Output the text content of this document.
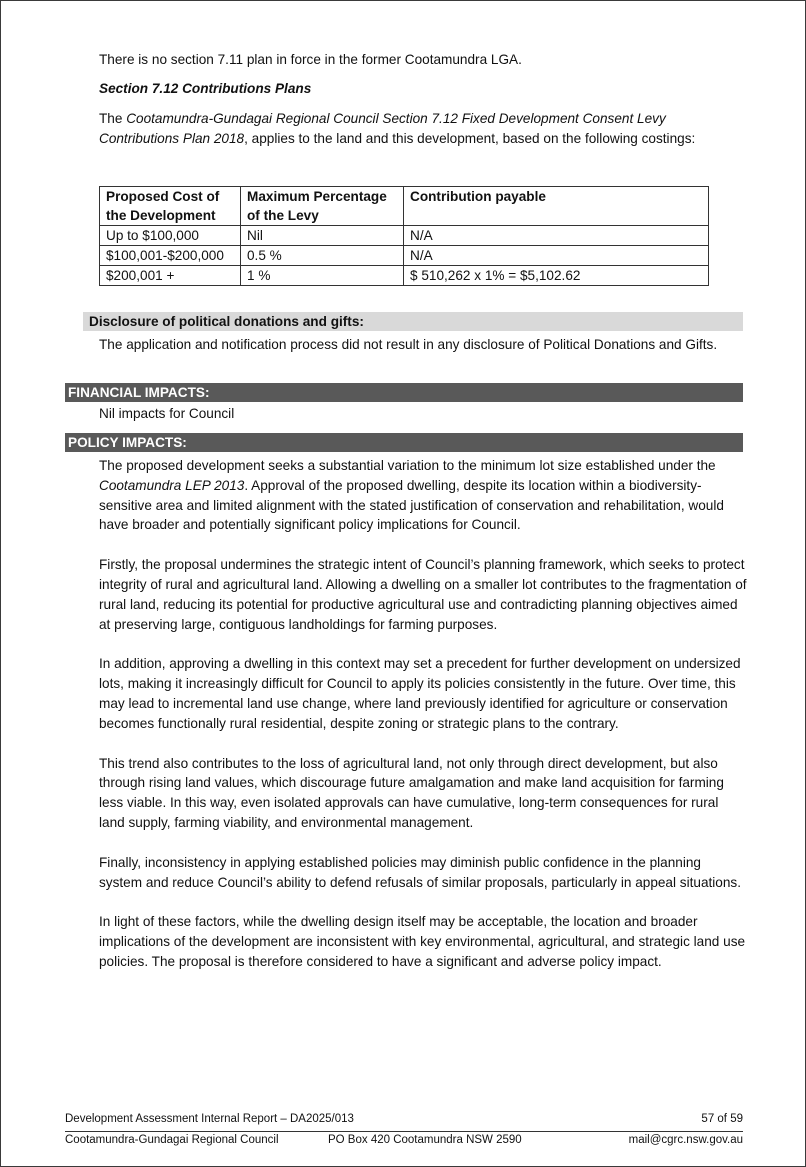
There is no section 7.11 plan in force in the former Cootamundra LGA.

Section 7.12 Contributions Plans

The Cootamundra-Gundagai Regional Council Section 7.12 Fixed Development Consent Levy Contributions Plan 2018, applies to the land and this development, based on the following costings:

Proposed Cost of the Development	Maximum Percentage of the Levy	Contribution payable
Up to $100,000	Nil	N/A
$100,001-$200,000	0.5 %	N/A
$200,001 +	1 %	$ 510,262 x 1% = $5,102.62
Disclosure of political donations and gifts:

The application and notification process did not result in any disclosure of Political Donations and Gifts.

FINANCIAL IMPACTS:

Nil impacts for Council

POLICY IMPACTS:

The proposed development seeks a substantial variation to the minimum lot size established under the Cootamundra LEP 2013. Approval of the proposed dwelling, despite its location within a biodiversity-sensitive area and limited alignment with the stated justification of conservation and rehabilitation, would have broader and potentially significant policy implications for Council.

Firstly, the proposal undermines the strategic intent of Council’s planning framework, which seeks to protect integrity of rural and agricultural land. Allowing a dwelling on a smaller lot contributes to the fragmentation of rural land, reducing its potential for productive agricultural use and contradicting planning objectives aimed at preserving large, contiguous landholdings for farming purposes.

In addition, approving a dwelling in this context may set a precedent for further development on undersized lots, making it increasingly difficult for Council to apply its policies consistently in the future. Over time, this may lead to incremental land use change, where land previously identified for agriculture or conservation becomes functionally rural residential, despite zoning or strategic plans to the contrary.

This trend also contributes to the loss of agricultural land, not only through direct development, but also through rising land values, which discourage future amalgamation and make land acquisition for farming less viable. In this way, even isolated approvals can have cumulative, long-term consequences for rural land supply, farming viability, and environmental management.

Finally, inconsistency in applying established policies may diminish public confidence in the planning system and reduce Council’s ability to defend refusals of similar proposals, particularly in appeal situations.

In light of these factors, while the dwelling design itself may be acceptable, the location and broader implications of the development are inconsistent with key environmental, agricultural, and strategic land use policies. The proposal is therefore considered to have a significant and adverse policy impact.

Development Assessment Internal Report – DA2025/013	57 of 59
Cootamundra-Gundagai Regional Council	PO Box 420 Cootamundra NSW 2590	mail@cgrc.nsw.gov.au
